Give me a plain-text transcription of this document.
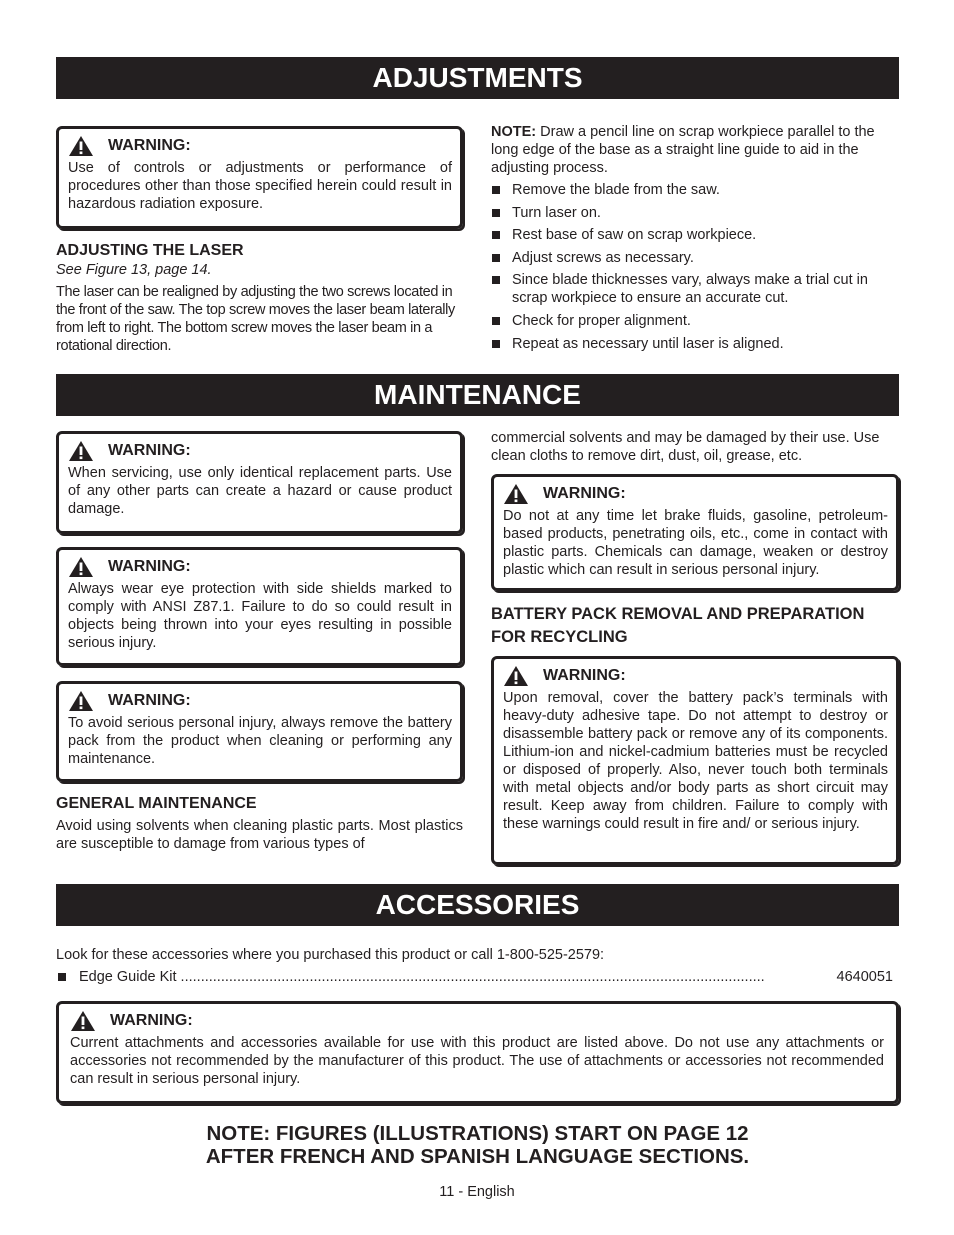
ADJUSTMENTS
WARNING:
Use of controls or adjustments or performance of procedures other than those specified herein could result in hazardous radiation exposure.
ADJUSTING THE LASER

See Figure 13, page 14.

The laser can be realigned by adjusting the two screws located in the front of the saw. The top screw moves the laser beam laterally from left to right. The bottom screw moves the laser beam in a rotational direction.

NOTE: Draw a pencil line on scrap workpiece parallel to the long edge of the base as a straight line guide to aid in the adjusting process.

Remove the blade from the saw.
Turn laser on.
Rest base of saw on scrap workpiece.
Adjust screws as necessary.
Since blade thicknesses vary, always make a trial cut in scrap workpiece to ensure an accurate cut.
Check for proper alignment.
Repeat as necessary until laser is aligned.
MAINTENANCE
WARNING:
When servicing, use only identical replacement parts. Use of any other parts can create a hazard or cause product damage.
WARNING:
Always wear eye protection with side shields marked to comply with ANSI Z87.1. Failure to do so could result in objects being thrown into your eyes resulting in possible serious injury.
WARNING:
To avoid serious personal injury, always remove the battery pack from the product when cleaning or performing any maintenance.
GENERAL MAINTENANCE

Avoid using solvents when cleaning plastic parts. Most plastics are susceptible to damage from various types of

commercial solvents and may be damaged by their use. Use clean cloths to remove dirt, dust, oil, grease, etc.

WARNING:
Do not at any time let brake fluids, gasoline, petroleum-based products, penetrating oils, etc., come in contact with plastic parts. Chemicals can damage, weaken or destroy plastic which can result in serious personal injury.
BATTERY PACK REMOVAL AND PREPARATION FOR RECYCLING
WARNING:
Upon removal, cover the battery pack’s terminals with heavy-duty adhesive tape. Do not attempt to destroy or disassemble battery pack or remove any of its components. Lithium-ion and nickel-cadmium batteries must be recycled or disposed of properly. Also, never touch both terminals with metal objects and/or body parts as short circuit may result. Keep away from children. Failure to comply with these warnings could result in fire and/ or serious injury.
ACCESSORIES

Look for these accessories where you purchased this product or call 1-800-525-2579:

Edge Guide Kit .................................................................................................................................................	4640051
WARNING:
Current attachments and accessories available for use with this product are listed above. Do not use any attachments or accessories not recommended by the manufacturer of this product. The use of attachments or accessories not recommended can result in serious personal injury.
NOTE: FIGURES (ILLUSTRATIONS) START ON PAGE 12
AFTER FRENCH AND SPANISH LANGUAGE SECTIONS.
11 - English
